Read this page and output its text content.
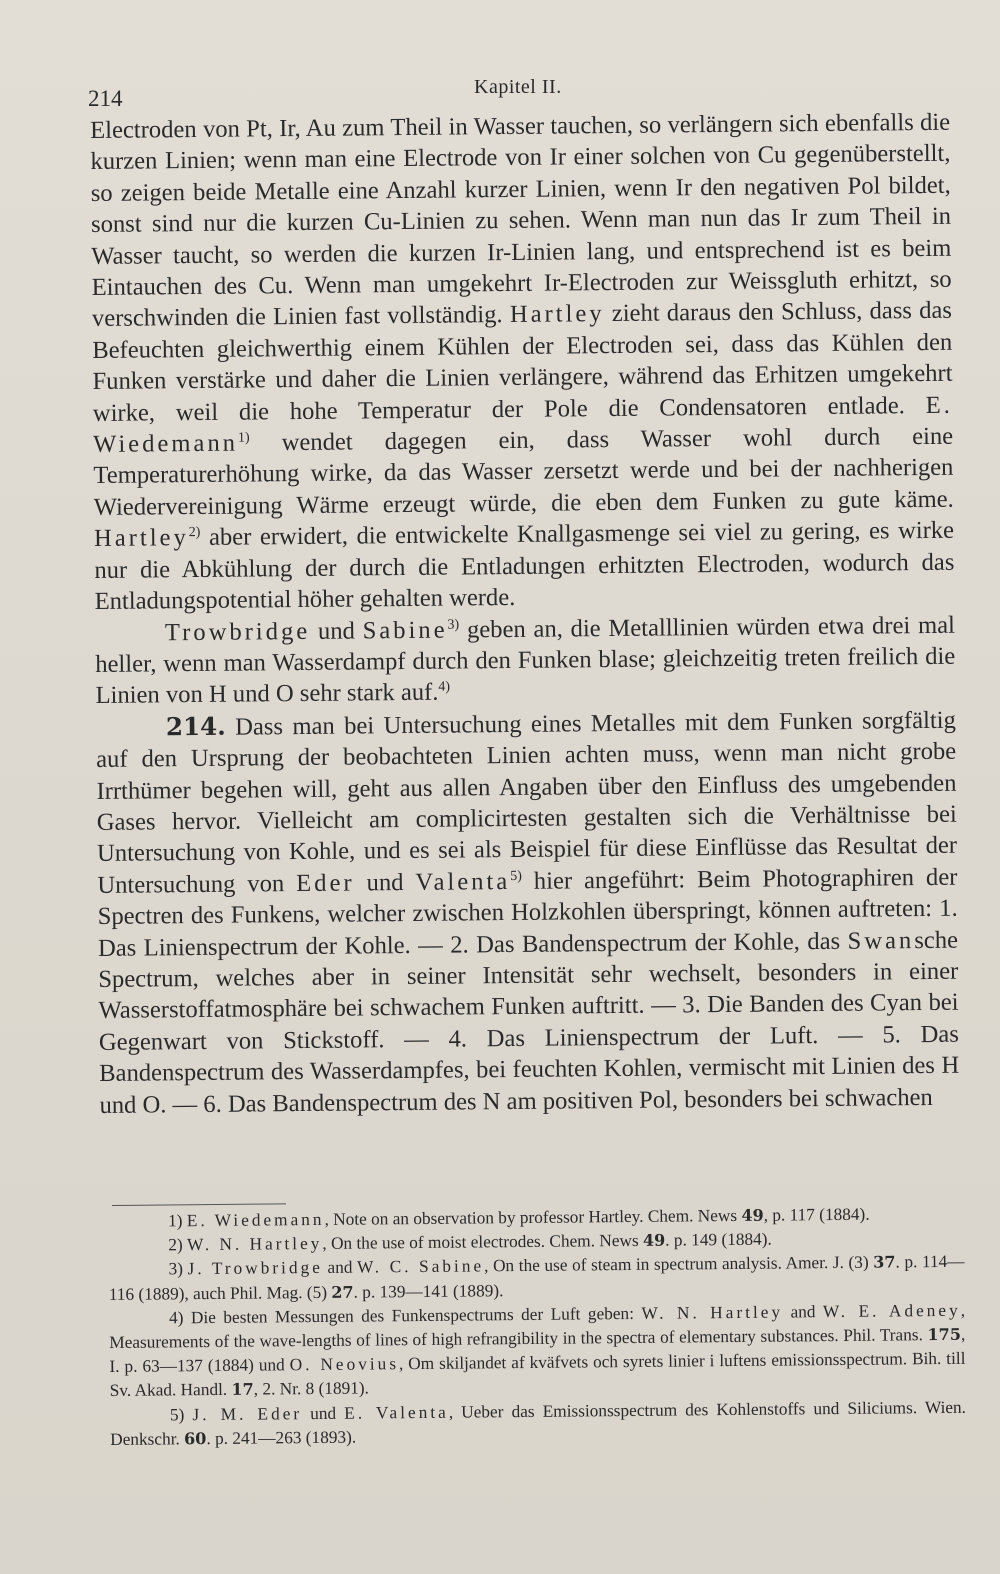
214	Kapitel II.

Electroden von Pt, Ir, Au zum Theil in Wasser tauchen, so verlängern sich ebenfalls die kurzen Linien; wenn man eine Electrode von Ir einer solchen von Cu gegenüberstellt, so zeigen beide Metalle eine Anzahl kurzer Linien, wenn Ir den negativen Pol bildet, sonst sind nur die kurzen Cu-Linien zu sehen. Wenn man nun das Ir zum Theil in Wasser taucht, so werden die kurzen Ir-Linien lang, und entsprechend ist es beim Eintauchen des Cu. Wenn man umgekehrt Ir-Electroden zur Weissgluth erhitzt, so verschwinden die Linien fast vollständig. Hartley zieht daraus den Schluss, dass das Befeuchten gleichwerthig einem Kühlen der Electroden sei, dass das Kühlen den Funken verstärke und daher die Linien verlängere, während das Erhitzen umgekehrt wirke, weil die hohe Temperatur der Pole die Condensatoren entlade. E. Wiedemann$^{1)}$ wendet dagegen ein, dass Wasser wohl durch eine Temperaturerhöhung wirke, da das Wasser zersetzt werde und bei der nachherigen Wiedervereinigung Wärme erzeugt würde, die eben dem Funken zu gute käme. Hartley$^{2)}$ aber erwidert, die entwickelte Knallgasmenge sei viel zu gering, es wirke nur die Abkühlung der durch die Entladungen erhitzten Electroden, wodurch das Entladungspotential höher gehalten werde.

Trowbridge und Sabine$^{3)}$ geben an, die Metalllinien würden etwa drei mal heller, wenn man Wasserdampf durch den Funken blase; gleichzeitig treten freilich die Linien von H und O sehr stark auf.$^{4)}$

214. Dass man bei Untersuchung eines Metalles mit dem Funken sorgfältig auf den Ursprung der beobachteten Linien achten muss, wenn man nicht grobe Irrthümer begehen will, geht aus allen Angaben über den Einfluss des umgebenden Gases hervor. Vielleicht am complicirtesten gestalten sich die Verhältnisse bei Untersuchung von Kohle, und es sei als Beispiel für diese Einflüsse das Resultat der Untersuchung von Eder und Valenta$^{5)}$ hier angeführt: Beim Photographiren der Spectren des Funkens, welcher zwischen Holzkohlen überspringt, können auftreten: 1. Das Linienspectrum der Kohle. — 2. Das Bandenspectrum der Kohle, das Swansche Spectrum, welches aber in seiner Intensität sehr wechselt, besonders in einer Wasserstoffatmosphäre bei schwachem Funken auftritt. — 3. Die Banden des Cyan bei Gegenwart von Stickstoff. — 4. Das Linienspectrum der Luft. — 5. Das Bandenspectrum des Wasserdampfes, bei feuchten Kohlen, vermischt mit Linien des H und O. — 6. Das Bandenspectrum des N am positiven Pol, besonders bei schwachen

1) E. Wiedemann, Note on an observation by professor Hartley. Chem. News 49, p. 117 (1884).

2) W. N. Hartley, On the use of moist electrodes. Chem. News 49. p. 149 (1884).

3) J. Trowbridge and W. C. Sabine, On the use of steam in spectrum analysis. Amer. J. (3) 37. p. 114—116 (1889), auch Phil. Mag. (5) 27. p. 139—141 (1889).

4) Die besten Messungen des Funkenspectrums der Luft geben: W. N. Hartley and W. E. Adeney, Measurements of the wave-lengths of lines of high refrangibility in the spectra of elementary substances. Phil. Trans. 175, I. p. 63—137 (1884) und O. Neovius, Om skiljandet af kväfvets och syrets linier i luftens emissionsspectrum. Bih. till Sv. Akad. Handl. 17, 2. Nr. 8 (1891).

5) J. M. Eder und E. Valenta, Ueber das Emissionsspectrum des Kohlenstoffs und Siliciums. Wien. Denkschr. 60. p. 241—263 (1893).
